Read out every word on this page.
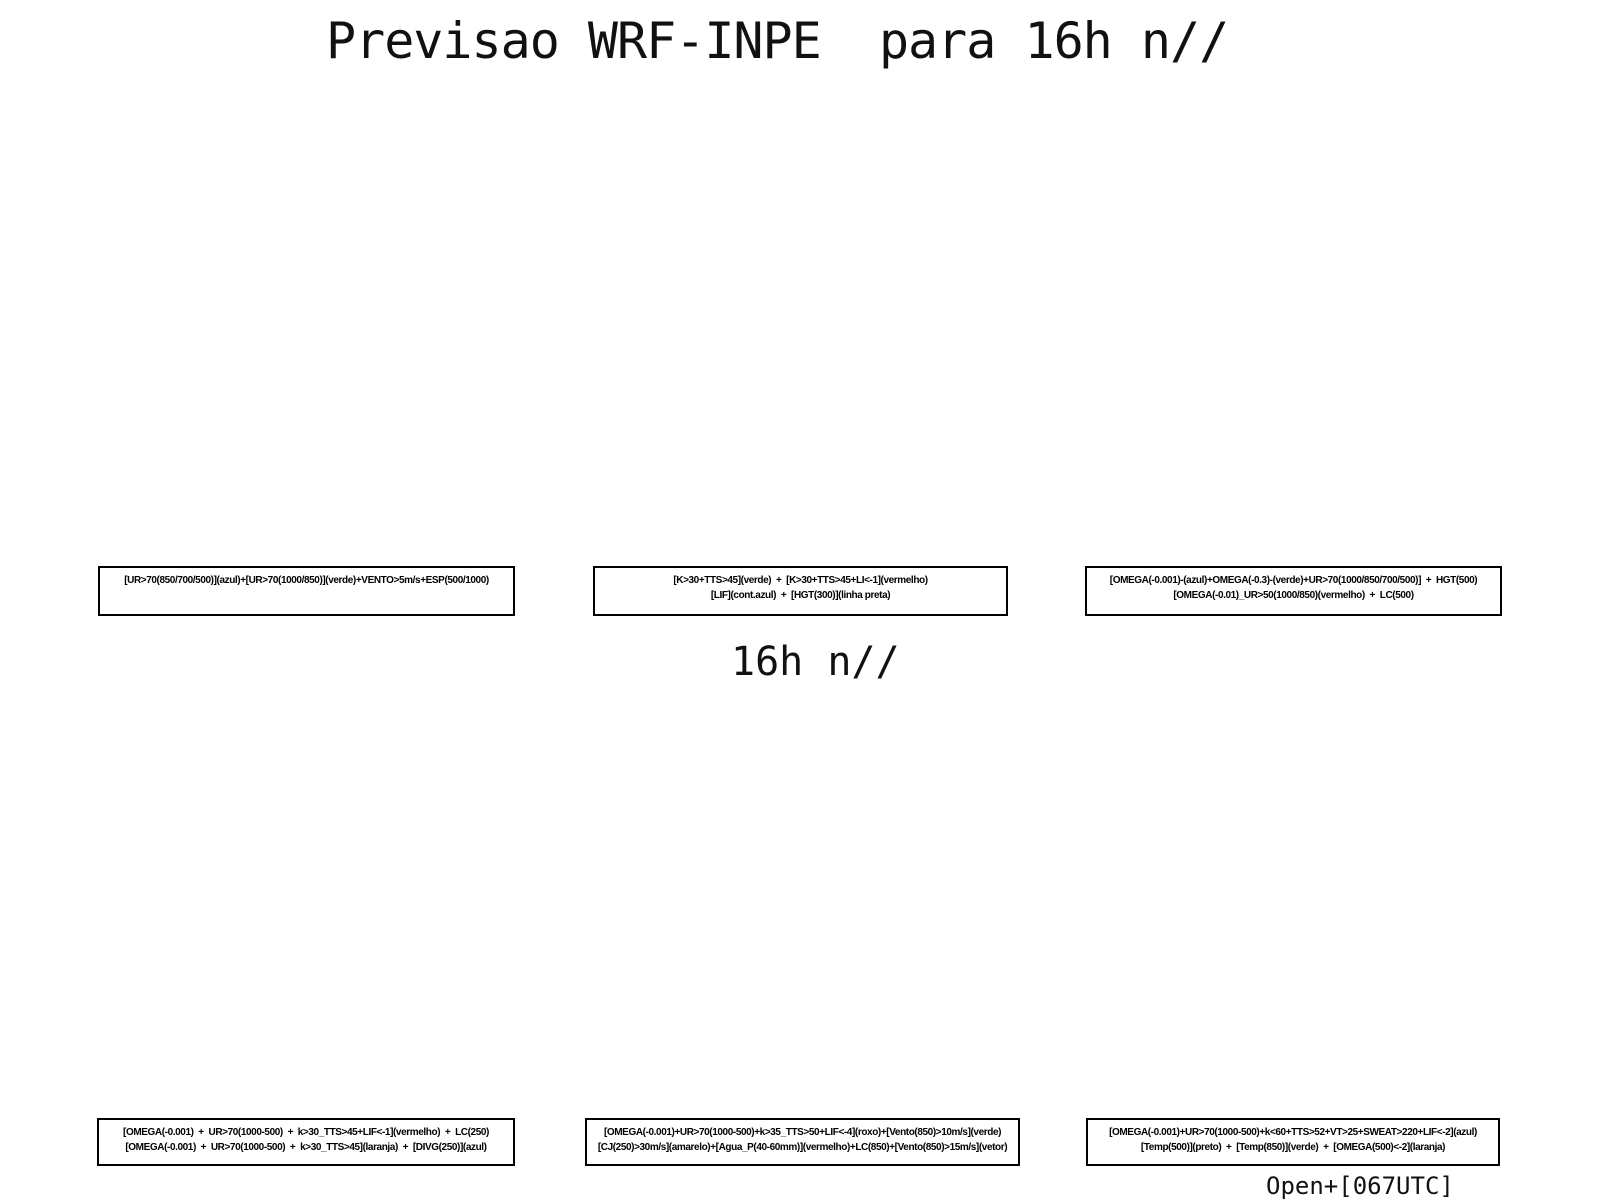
Previsao WRF-INPE  para 16h n//
[UR>70(850/700/500)](azul)+[UR>70(1000/850)](verde)+VENTO>5m/s+ESP(500/1000)	[K>30+TTS>45](verde)  +  [K>30+TTS>45+LI<-1](vermelho)
[LIF](cont.azul)  +  [HGT(300)](linha preta)
[OMEGA(-0.001)-(azul)+OMEGA(-0.3)-(verde)+UR>70(1000/850/700/500)]  +  HGT(500)
[OMEGA(-0.01)_UR>50(1000/850)(vermelho)  +  LC(500)
16h n//
[OMEGA(-0.001)  +  UR>70(1000-500)  +  k>30_TTS>45+LIF<-1](vermelho)  +  LC(250)
[OMEGA(-0.001)  +  UR>70(1000-500)  +  k>30_TTS>45](laranja)  +  [DIVG(250)](azul)
[OMEGA(-0.001)+UR>70(1000-500)+k>35_TTS>50+LIF<-4](roxo)+[Vento(850)>10m/s](verde)
[CJ(250)>30m/s](amarelo)+[Agua_P(40-60mm)](vermelho)+LC(850)+[Vento(850)>15m/s](vetor)
[OMEGA(-0.001)+UR>70(1000-500)+k<60+TTS>52+VT>25+SWEAT>220+LIF<-2](azul)
[Temp(500)](preto)  +  [Temp(850)](verde)  +  [OMEGA(500)<-2](laranja)
Open+[067UTC]
